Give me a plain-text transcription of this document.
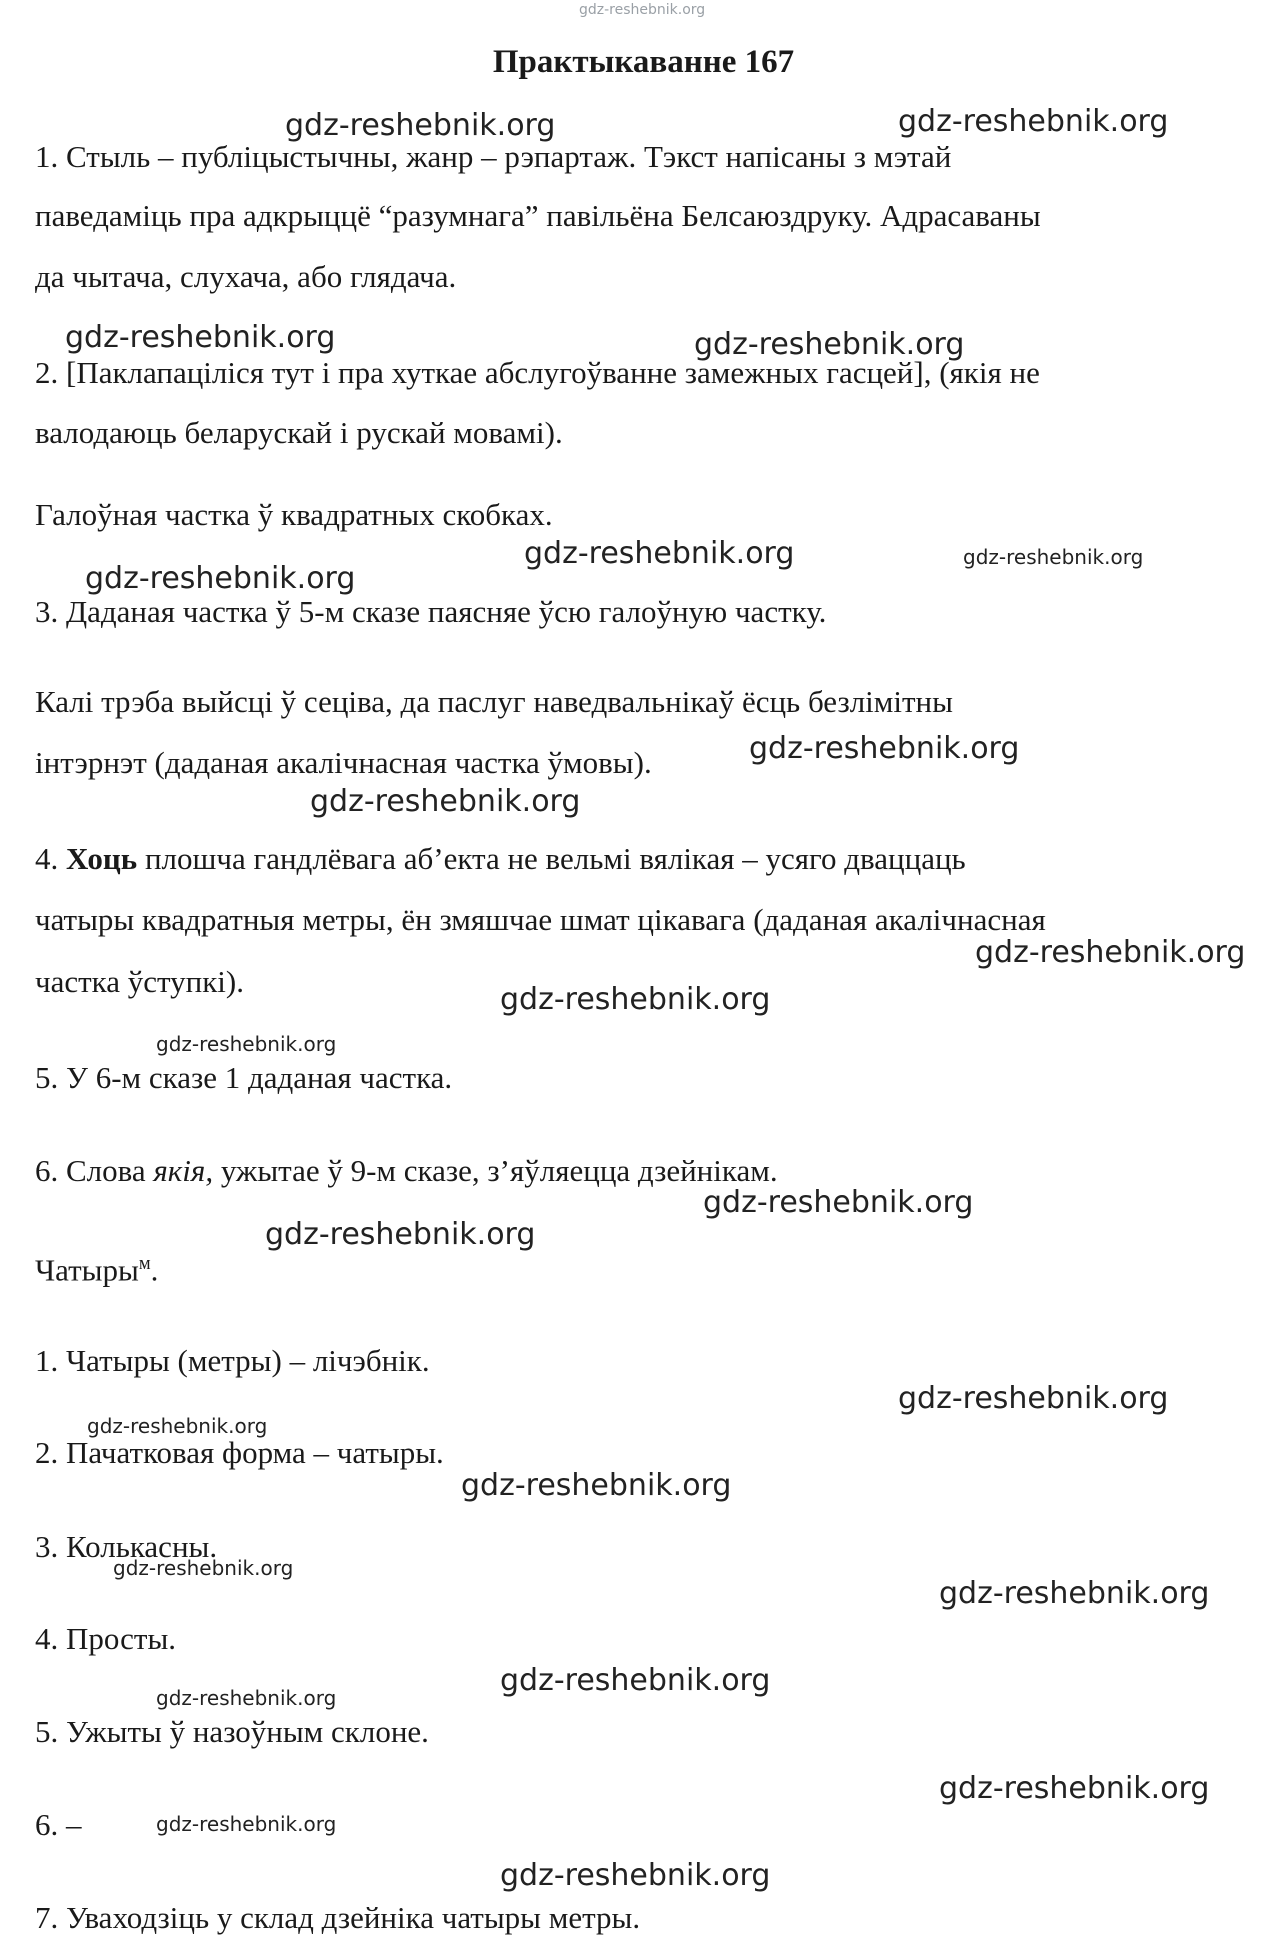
gdz-reshebnik.org
Практыкаванне 167
1. Стыль – публіцыстычны, жанр – рэпартаж. Тэкст напісаны з мэтай
паведаміць пра адкрыццё “разумнага” павільёна Белсаюздруку. Адрасаваны
да чытача, слухача, або глядача.
2. [Паклапаціліся тут і пра хуткае абслугоўванне замежных гасцей], (якія не
валодаюць беларускай і рускай мовамі).
Галоўная частка ў квадратных скобках.
3. Даданая частка ў 5-м сказе паясняе ўсю галоўную частку.
Калі трэба выйсці ў сеціва, да паслуг наведвальнікаў ёсць безлімітны
інтэрнэт (даданая акалічнасная частка ўмовы).
4. Хоць плошча гандлёвага аб’екта не вельмі вялікая – усяго дваццаць
чатыры квадратныя метры, ён змяшчае шмат цікавага (даданая акалічнасная
частка ўступкі).
5. У 6-м сказе 1 даданая частка.
6. Слова якія, ужытае ў 9-м сказе, з’яўляецца дзейнікам.
Чатыры$^м$.
1. Чатыры (метры) – лічэбнік.
2. Пачатковая форма – чатыры.
3. Колькасны.
4. Просты.
5. Ужыты ў назоўным склоне.
6. –
7. Уваходзіць у склад дзейніка чатыры метры.
gdz-reshebnik.org	gdz-reshebnik.org
gdz-reshebnik.org	gdz-reshebnik.org
gdz-reshebnik.org	gdz-reshebnik.org
gdz-reshebnik.org
gdz-reshebnik.org
gdz-reshebnik.org
gdz-reshebnik.org
gdz-reshebnik.org
gdz-reshebnik.org
gdz-reshebnik.org
gdz-reshebnik.org
gdz-reshebnik.org
gdz-reshebnik.org
gdz-reshebnik.org
gdz-reshebnik.org
gdz-reshebnik.org
gdz-reshebnik.org	gdz-reshebnik.org
gdz-reshebnik.org
gdz-reshebnik.org
gdz-reshebnik.org
